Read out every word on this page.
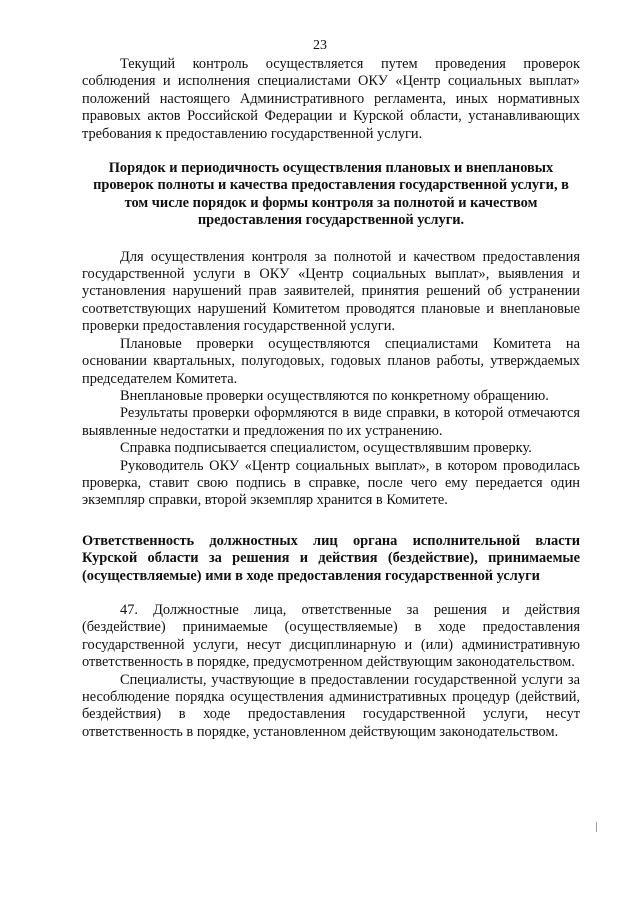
23

Текущий контроль осуществляется путем проведения проверок соблюдения и исполнения специалистами ОКУ «Центр социальных выплат» положений настоящего Административного регламента, иных нормативных правовых актов Российской Федерации и Курской области, устанавливающих требования к предоставлению государственной услуги.

Порядок и периодичность осуществления плановых и внеплановых проверок полноты и качества предоставления государственной услуги, в том числе порядок и формы контроля за полнотой и качеством предоставления государственной услуги.

Для осуществления контроля за полнотой и качеством предоставления государственной услуги в ОКУ «Центр социальных выплат», выявления и установления нарушений прав заявителей, принятия решений об устранении соответствующих нарушений Комитетом проводятся плановые и внеплановые проверки предоставления государственной услуги.

Плановые проверки осуществляются специалистами Комитета на основании квартальных, полугодовых, годовых планов работы, утверждаемых председателем Комитета.

Внеплановые проверки осуществляются по конкретному обращению.

Результаты проверки оформляются в виде справки, в которой отмечаются выявленные недостатки и предложения по их устранению.

Справка подписывается специалистом, осуществлявшим проверку.

Руководитель ОКУ «Центр социальных выплат», в котором проводилась проверка, ставит свою подпись в справке, после чего ему передается один экземпляр справки, второй экземпляр хранится в Комитете.

Ответственность должностных лиц органа исполнительной власти Курской области за решения и действия (бездействие), принимаемые (осуществляемые) ими в ходе предоставления государственной услуги

47. Должностные лица, ответственные за решения и действия (бездействие) принимаемые (осуществляемые) в ходе предоставления государственной услуги, несут дисциплинарную и (или) административную ответственность в порядке, предусмотренном действующим законодательством.

Специалисты, участвующие в предоставлении государственной услуги за несоблюдение порядка осуществления административных процедур (действий, бездействия) в ходе предоставления государственной услуги, несут ответственность в порядке, установленном действующим законодательством.
